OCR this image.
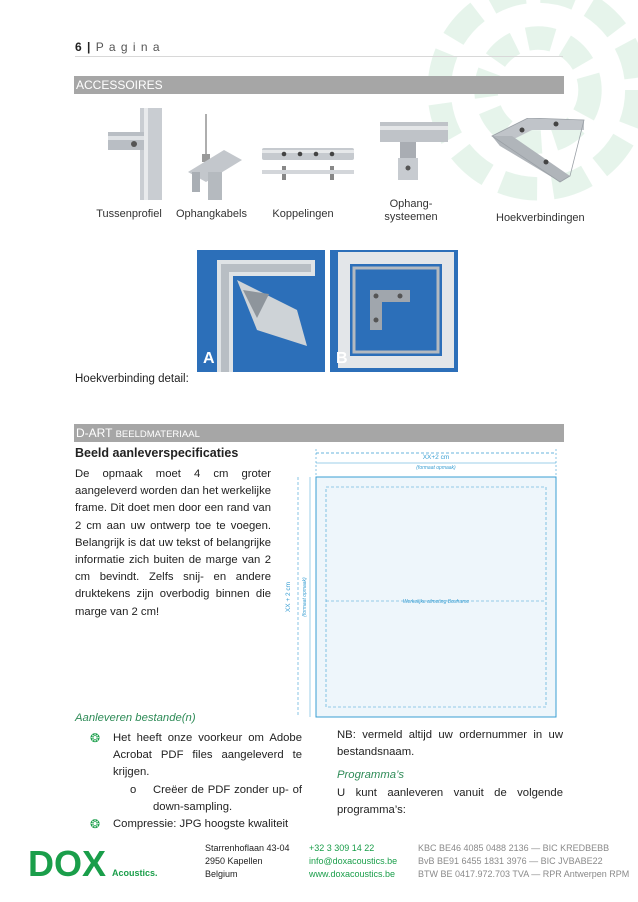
6 | P a g i n a
ACCESSOIRES
Tussenprofiel	Ophangkabels Koppelingen
Ophang-
systeemen	Hoekverbindingen
A	B
Hoekverbinding detail:
D-ART BEELDMATERIAAL
Beeld aanleverspecificaties
De opmaak moet 4 cm groter aangeleverd worden dan het werkelijke frame. Dit doet men door een rand van 2 cm aan uw ontwerp toe te voegen. Belangrijk is dat uw tekst of belangrijke informatie zich buiten de marge van 2 cm bevindt. Zelfs snij- en andere druktekens zijn overbodig binnen die marge van 2 cm!
XX+2 cm
(formaat opmaak)
Werkelijke afmeting Boxframe
XX + 2 cm (formaat opmaak)
Aanleveren bestande(n)
❂ Het heeft onze voorkeur om Adobe Acrobat PDF files aangeleverd te krijgen.
o Creëer de PDF zonder up- of down-sampling.
❂ Compressie: JPG hoogste kwaliteit
NB: vermeld altijd uw ordernummer in uw bestandsnaam.
Programma’s
U kunt aanleveren vanuit de volgende programma’s:
DOX Acoustics.
Starrenhoflaan 43-04
2950 Kapellen
Belgium
+32 3 309 14 22
info@doxacoustics.be
www.doxacoustics.be
KBC BE46 4085 0488 2136 — BIC KREDBEBB
BvB BE91 6455 1831 3976 — BIC JVBABE22
BTW BE 0417.972.703 TVA — RPR Antwerpen RPM
